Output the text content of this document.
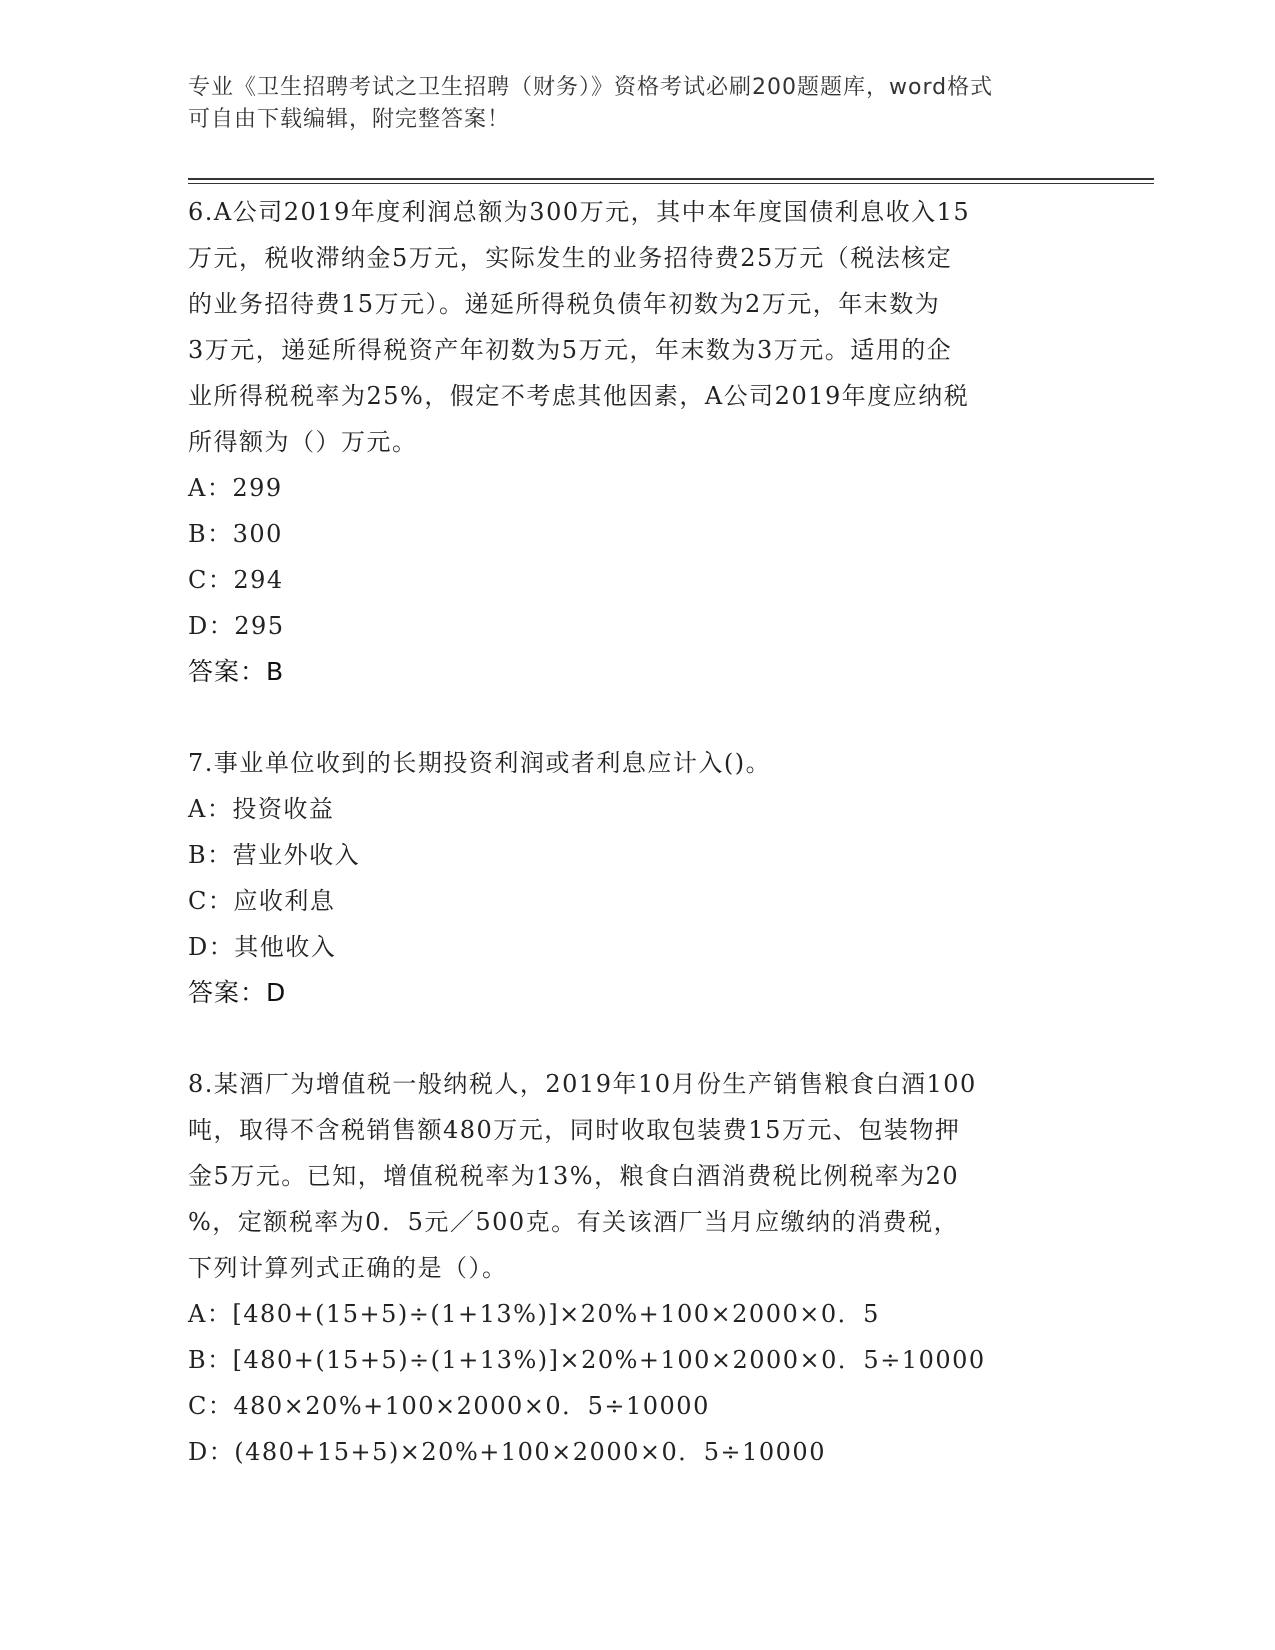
专业《卫生招聘考试之卫生招聘（财务）》资格考试必刷200题题库，word格式
可自由下载编辑，附完整答案！
6.A公司2019年度利润总额为300万元，其中本年度国债利息收入15
万元，税收滞纳金5万元，实际发生的业务招待费25万元（税法核定
的业务招待费15万元）。递延所得税负债年初数为2万元，年末数为
3万元，递延所得税资产年初数为5万元，年末数为3万元。适用的企
业所得税税率为25%，假定不考虑其他因素，A公司2019年度应纳税
所得额为（）万元。
A：299
B：300
C：294
D：295
答案：B
7.事业单位收到的长期投资利润或者利息应计入()。
A：投资收益
B：营业外收入
C：应收利息
D：其他收入
答案：D
8.某酒厂为增值税一般纳税人，2019年10月份生产销售粮食白酒100
吨，取得不含税销售额480万元，同时收取包装费15万元、包装物押
金5万元。已知，增值税税率为13%，粮食白酒消费税比例税率为20
%，定额税率为0．5元／500克。有关该酒厂当月应缴纳的消费税，
下列计算列式正确的是（）。
A：[480+(15+5)÷(1+13%)]×20%+100×2000×0．5
B：[480+(15+5)÷(1+13%)]×20%+100×2000×0．5÷10000
C：480×20%+100×2000×0．5÷10000
D：(480+15+5)×20%+100×2000×0．5÷10000
